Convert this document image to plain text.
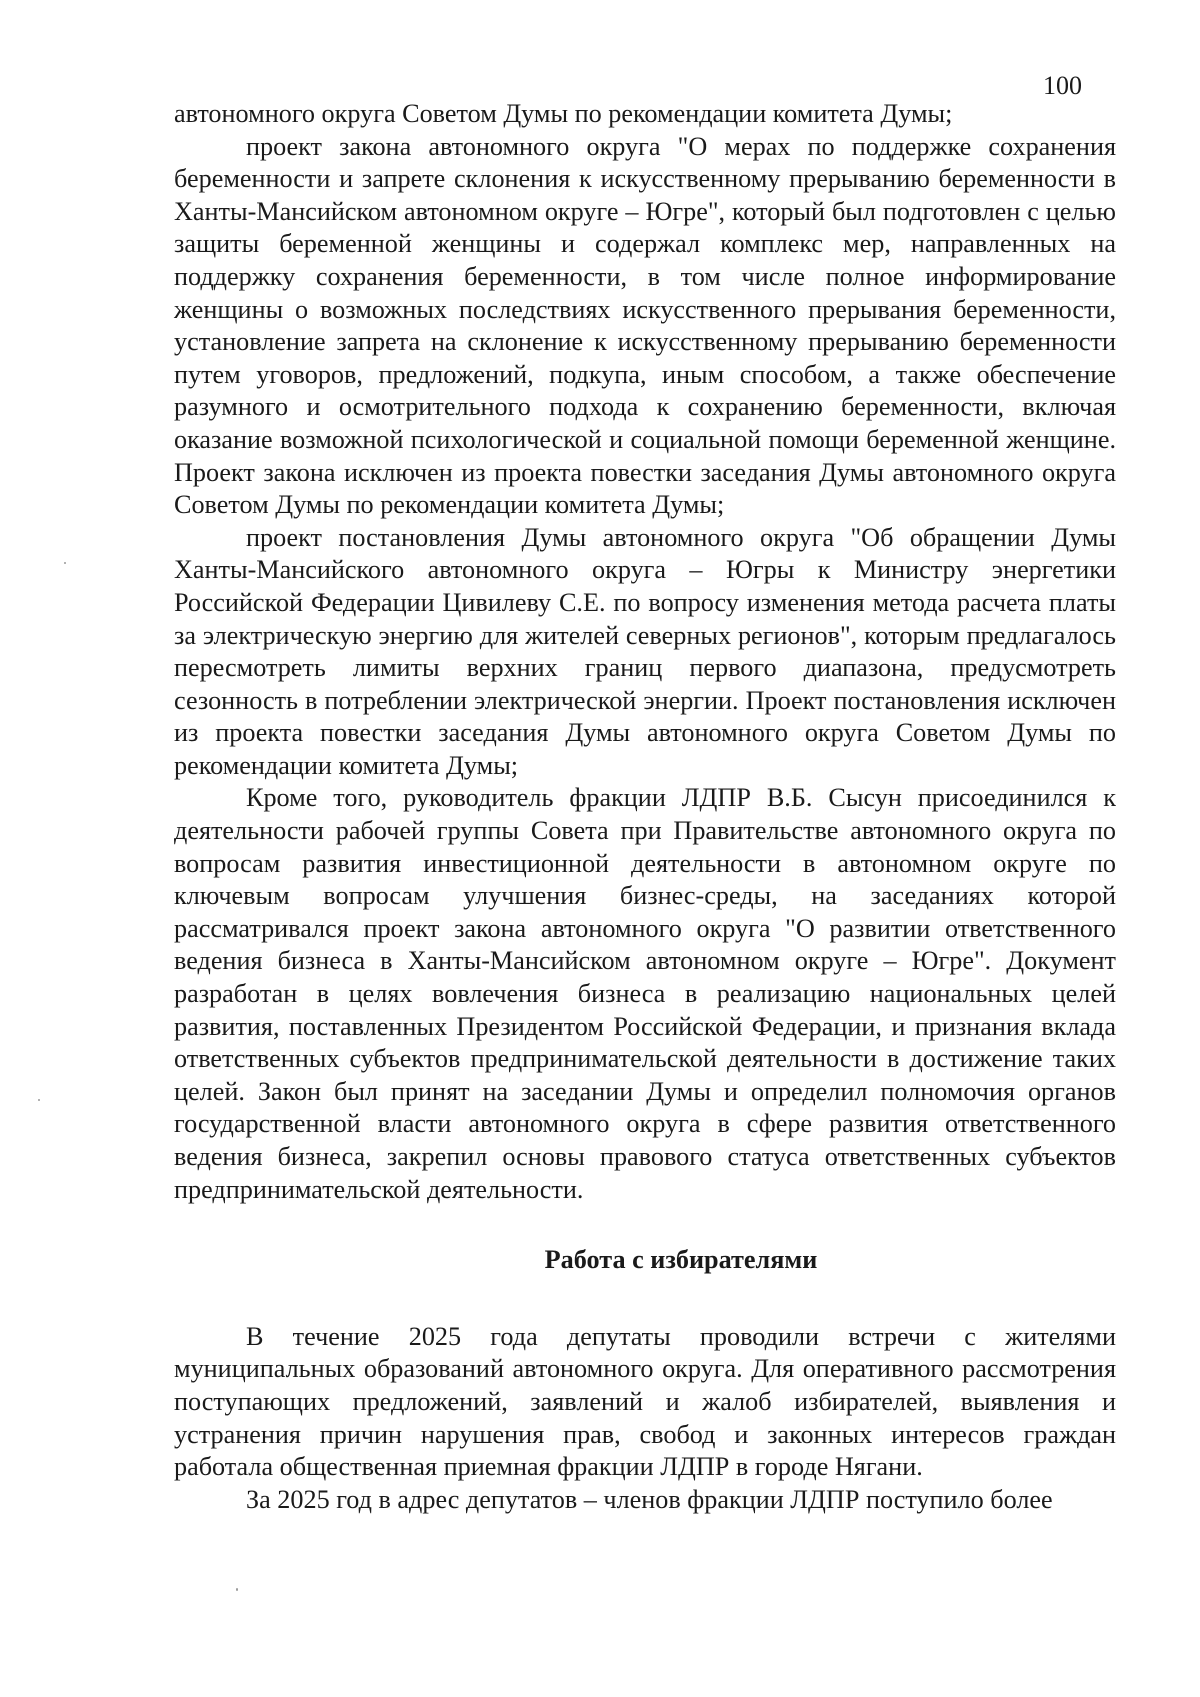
100

автономного округа Советом Думы по рекомендации комитета Думы;

проект закона автономного округа "О мерах по поддержке сохранения беременности и запрете склонения к искусственному прерыванию беременности в Ханты-Мансийском автономном округе – Югре", который был подготовлен с целью защиты беременной женщины и содержал комплекс мер, направленных на поддержку сохранения беременности, в том числе полное информирование женщины о возможных последствиях искусственного прерывания беременности, установление запрета на склонение к искусственному прерыванию беременности путем уговоров, предложений, подкупа, иным способом, а также обеспечение разумного и осмотрительного подхода к сохранению беременности, включая оказание возможной психологической и социальной помощи беременной женщине. Проект закона исключен из проекта повестки заседания Думы автономного округа Советом Думы по рекомендации комитета Думы;

проект постановления Думы автономного округа "Об обращении Думы Ханты-Мансийского автономного округа – Югры к Министру энергетики Российской Федерации Цивилеву С.Е. по вопросу изменения метода расчета платы за электрическую энергию для жителей северных регионов", которым предлагалось пересмотреть лимиты верхних границ первого диапазона, предусмотреть сезонность в потреблении электрической энергии. Проект постановления исключен из проекта повестки заседания Думы автономного округа Советом Думы по рекомендации комитета Думы;

Кроме того, руководитель фракции ЛДПР В.Б. Сысун присоединился к деятельности рабочей группы Совета при Правительстве автономного округа по вопросам развития инвестиционной деятельности в автономном округе по ключевым вопросам улучшения бизнес-среды, на заседаниях которой рассматривался проект закона автономного округа "О развитии ответственного ведения бизнеса в Ханты-Мансийском автономном округе – Югре". Документ разработан в целях вовлечения бизнеса в реализацию национальных целей развития, поставленных Президентом Российской Федерации, и признания вклада ответственных субъектов предпринимательской деятельности в достижение таких целей. Закон был принят на заседании Думы и определил полномочия органов государственной власти автономного округа в сфере развития ответственного ведения бизнеса, закрепил основы правового статуса ответственных субъектов предпринимательской деятельности.

Работа с избирателями

В течение 2025 года депутаты проводили встречи с жителями муниципальных образований автономного округа. Для оперативного рассмотрения поступающих предложений, заявлений и жалоб избирателей, выявления и устранения причин нарушения прав, свобод и законных интересов граждан работала общественная приемная фракции ЛДПР в городе Нягани.

За 2025 год в адрес депутатов – членов фракции ЛДПР поступило более
